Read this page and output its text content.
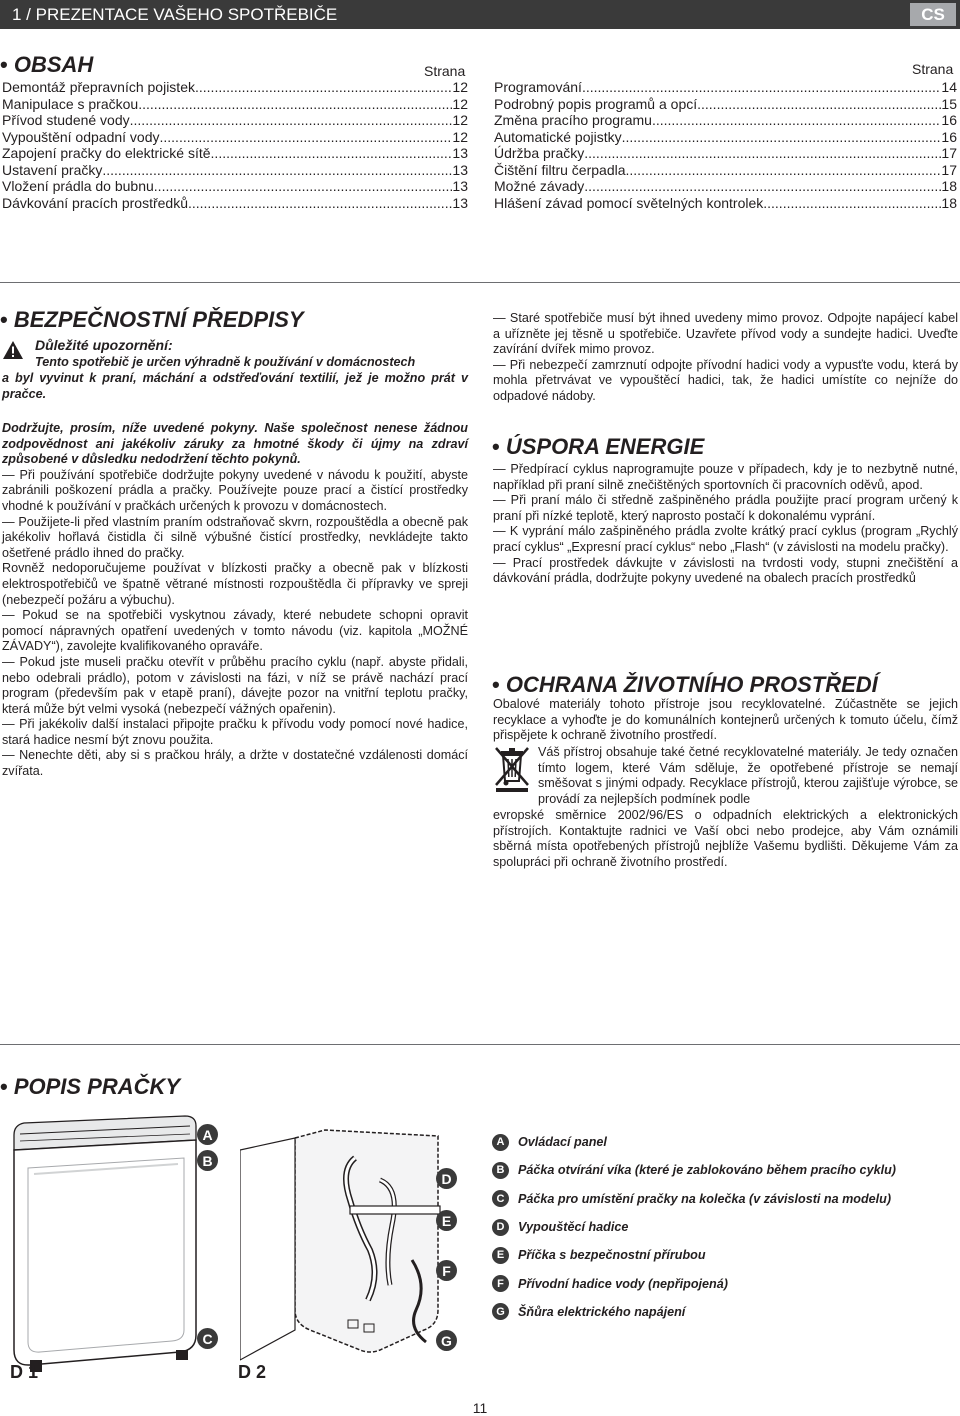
1 / PREZENTACE VAŠEHO SPOTŘEBIČE	CS
• OBSAH	Strana	Strana
Demontáž přepravních pojistek .....	12
Manipulace s pračkou .....	12
Přívod studené vody .....	12
Vypouštění odpadní vody .....	12
Zapojení pračky do elektrické sítě .....	13
Ustavení pračky .....	13
Vložení prádla do bubnu .....	13
Dávkování pracích prostředků .....	13
Programování .....	14
Podrobný popis programů a opcí .....	15
Změna pracího programu .....	16
Automatické pojistky .....	16
Údržba pračky .....	17
Čištění filtru čerpadla .....	17
Možné závady .....	18
Hlášení závad pomocí světelných kontrolek .....	18
• BEZPEČNOSTNÍ PŘEDPISY
Důležité upozornění:
Tento spotřebič je určen výhradně k používání v domácnostech
a byl vyvinut k praní, máchání a odstřeďování textilií, jež je možno prát v pračce.

Dodržujte, prosím, níže uvedené pokyny. Naše společnost nenese žádnou zodpovědnost ani jakékoliv záruky za hmotné škody či újmy na zdraví způsobené v důsledku nedodržení těchto pokynů.

— Při používání spotřebiče dodržujte pokyny uvedené v návodu k použití, abyste zabránili poškození prádla a pračky. Používejte pouze prací a čistící prostředky vhodné k používání v pračkách určených k provozu v domácnostech.

— Použijete-li před vlastním praním odstraňovač skvrn, rozpouštědla a obecně pak jakékoliv hořlavá čistidla či silně výbušné čistící prostředky, nevkládejte takto ošetřené prádlo ihned do pračky.

Rovněž nedoporučujeme používat v blízkosti pračky a obecně pak v blízkosti elektrospotřebičů ve špatně větrané místnosti rozpouštědla či přípravky ve spreji (nebezpečí požáru a výbuchu).

— Pokud se na spotřebiči vyskytnou závady, které nebudete schopni opravit pomocí nápravných opatření uvedených v tomto návodu (viz. kapitola „MOŽNÉ ZÁVADY“), zavolejte kvalifikovaného opraváře.

— Pokud jste museli pračku otevřít v průběhu pracího cyklu (např. abyste přidali, nebo odebrali prádlo), potom v závislosti na fázi, v níž se právě nachází prací program (především pak v etapě praní), dávejte pozor na vnitřní teplotu pračky, která může být velmi vysoká (nebezpečí vážných opařenin).

— Při jakékoliv další instalaci připojte pračku k přívodu vody pomocí nové hadice, stará hadice nesmí být znovu použita.

— Nenechte děti, aby si s pračkou hrály, a držte v dostatečné vzdálenosti domácí zvířata.

— Staré spotřebiče musí být ihned uvedeny mimo provoz. Odpojte napájecí kabel a uřízněte jej těsně u spotřebiče. Uzavřete přívod vody a sundejte hadici. Uveďte zavírání dvířek mimo provoz.

— Při nebezpečí zamrznutí odpojte přívodní hadici vody a vypusťte vodu, která by mohla přetrvávat ve vypouštěcí hadici, tak, že hadici umístíte co nejníže do odpadové nádoby.

• ÚSPORA ENERGIE

— Předpírací cyklus naprogramujte pouze v případech, kdy je to nezbytně nutné, například při praní silně znečištěných sportovních či pracovních oděvů, apod.

— Při praní málo či středně zašpiněného prádla použijte prací program určený k praní při nízké teplotě, který naprosto postačí k dokonalému vyprání.

— K vyprání málo zašpiněného prádla zvolte krátký prací cyklus (program „Rychlý prací cyklus“ „Expresní prací cyklus“ nebo „Flash“ (v závislosti na modelu pračky).

— Prací prostředek dávkujte v závislosti na tvrdosti vody, stupni znečištění a dávkování prádla, dodržujte pokyny uvedené na obalech pracích prostředků

• OCHRANA ŽIVOTNÍHO PROSTŘEDÍ
Obalové materiály tohoto přístroje jsou recyklovatelné. Zúčastněte se jejich recyklace a vyhoďte je do komunálních kontejnerů určených k tomuto účelu, čímž přispějete k ochraně životního prostředí.
Váš přístroj obsahuje také četné recyklovatelné materiály. Je tedy označen tímto logem, které Vám sděluje, že opotřebené přístroje se nemají směšovat s jinými odpady. Recyklace přístrojů, kterou zajišťuje výrobce, se provádí za nejlepších podmínek podle
evropské směrnice 2002/96/ES o odpadních elektrických a elektronických přístrojích. Kontaktujte radnici ve Vaší obci nebo prodejce, aby Vám oznámili sběrná místa opotřebených přístrojů nejblíže Vašemu bydlišti. Děkujeme Vám za spolupráci při ochraně životního prostředí.
• POPIS PRAČKY
A
B
C
D 1
D
E
F
G
D 2
A	Ovládací panel
B	Páčka otvírání víka (které je zablokováno během pracího cyklu)
C	Páčka pro umístění pračky na kolečka (v závislosti na modelu)
D	Vypouštěcí hadice
E	Příčka s bezpečnostní přírubou
F	Přívodní hadice vody (nepřipojená)
G	Šňůra elektrického napájení
11
